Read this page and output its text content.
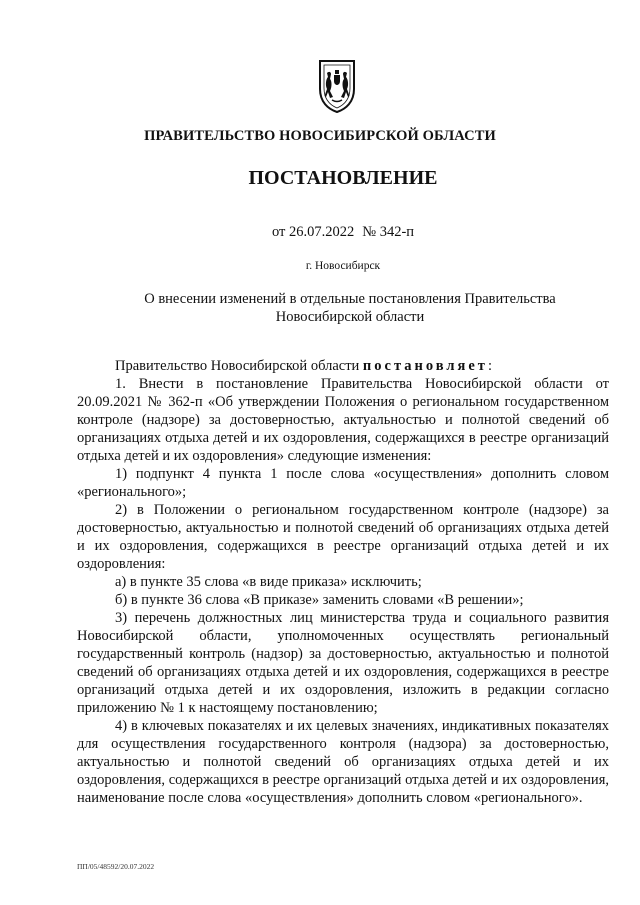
ПРАВИТЕЛЬСТВО НОВОСИБИРСКОЙ ОБЛАСТИ
ПОСТАНОВЛЕНИЕ
от 26.07.2022 № 342-п
г. Новосибирск
О внесении изменений в отдельные постановления Правительства Новосибирской области

Правительство Новосибирской области постановляет:

1. Внести в постановление Правительства Новосибирской области от 20.09.2021 № 362-п «Об утверждении Положения о региональном государственном контроле (надзоре) за достоверностью, актуальностью и полнотой сведений об организациях отдыха детей и их оздоровления, содержащихся в реестре организаций отдыха детей и их оздоровления» следующие изменения:

1) подпункт 4 пункта 1 после слова «осуществления» дополнить словом «регионального»;

2) в Положении о региональном государственном контроле (надзоре) за достоверностью, актуальностью и полнотой сведений об организациях отдыха детей и их оздоровления, содержащихся в реестре организаций отдыха детей и их оздоровления:

а) в пункте 35 слова «в виде приказа» исключить;

б) в пункте 36 слова «В приказе» заменить словами «В решении»;

3) перечень должностных лиц министерства труда и социального развития Новосибирской области, уполномоченных осуществлять региональный государственный контроль (надзор) за достоверностью, актуальностью и полнотой сведений об организациях отдыха детей и их оздоровления, содержащихся в реестре организаций отдыха детей и их оздоровления, изложить в редакции согласно приложению № 1 к настоящему постановлению;

4) в ключевых показателях и их целевых значениях, индикативных показателях для осуществления государственного контроля (надзора) за достоверностью, актуальностью и полнотой сведений об организациях отдыха детей и их оздоровления, содержащихся в реестре организаций отдыха детей и их оздоровления, наименование после слова «осуществления» дополнить словом «регионального».

ПП/05/48592/20.07.2022
